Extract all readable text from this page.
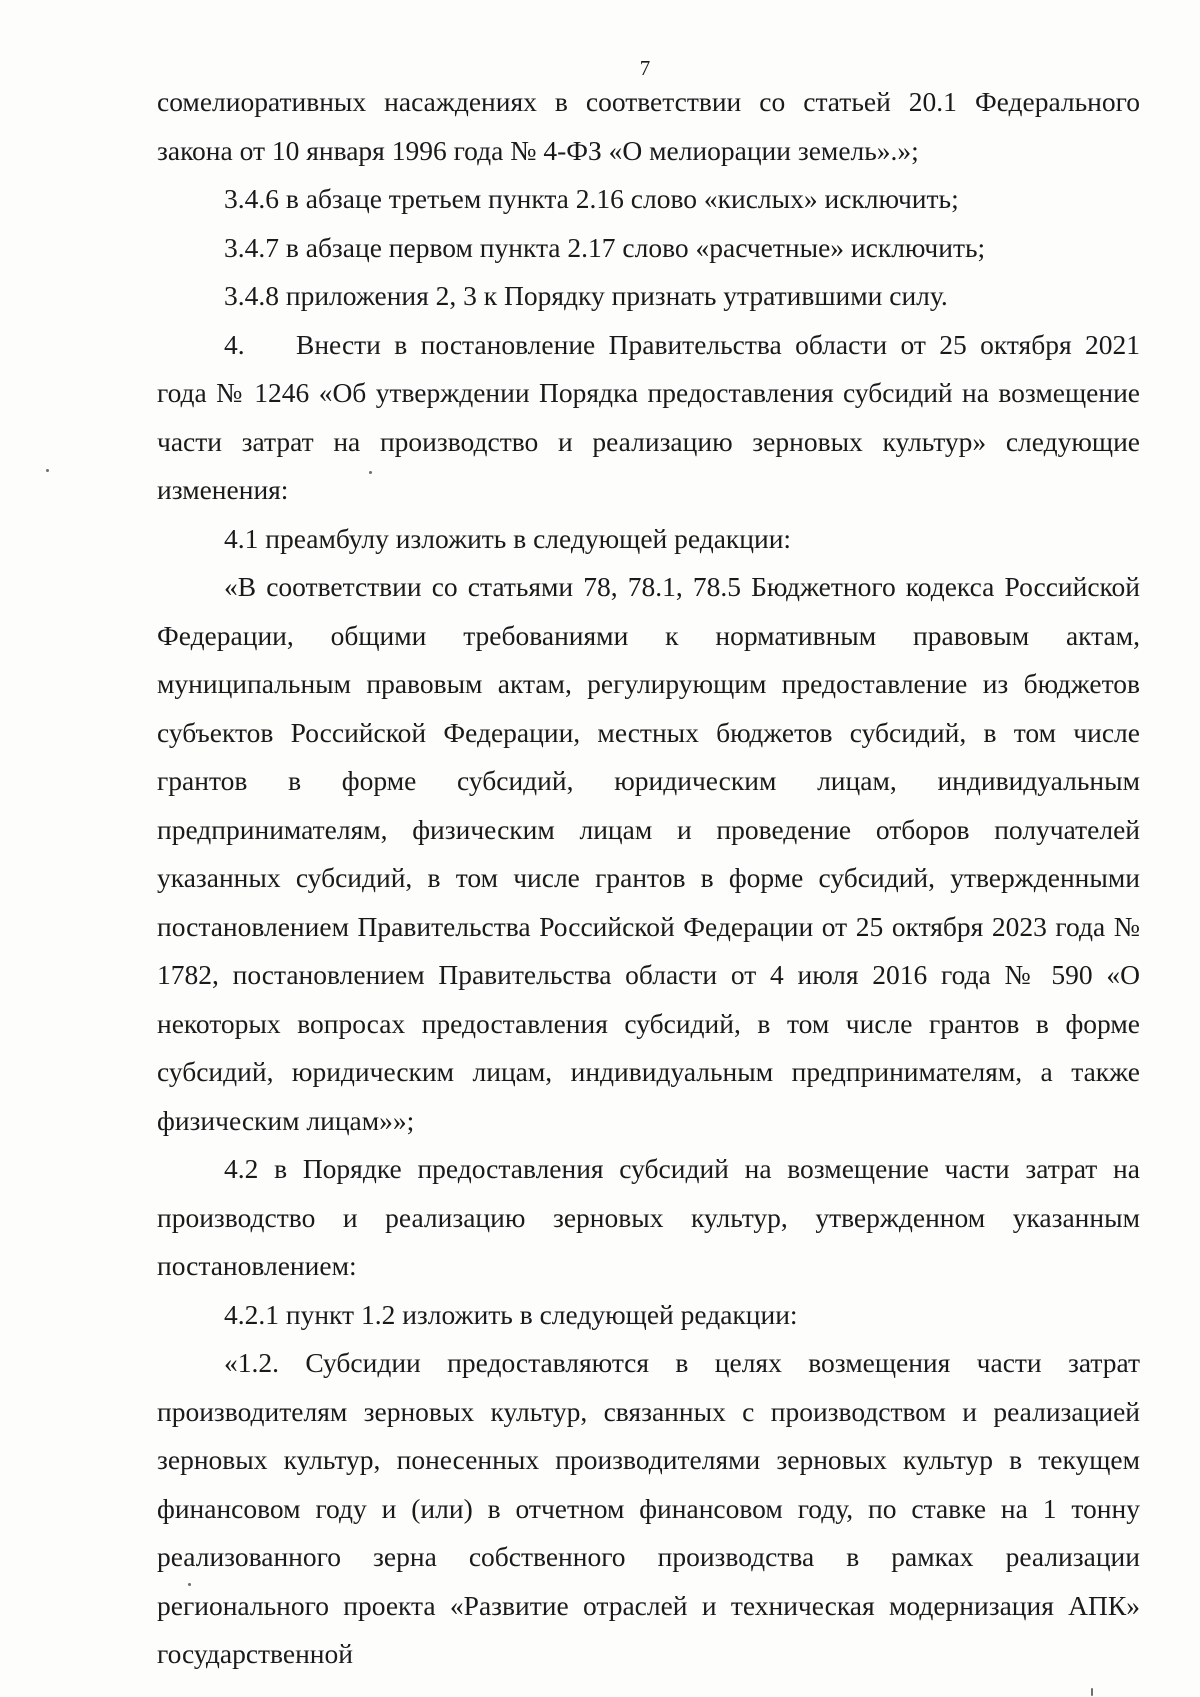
7

сомелиоративных насаждениях в соответствии со статьей 20.1 Федерального закона от 10 января 1996 года № 4-ФЗ «О мелиорации земель».»;

3.4.6 в абзаце третьем пункта 2.16 слово «кислых» исключить;

3.4.7 в абзаце первом пункта 2.17 слово «расчетные» исключить;

3.4.8 приложения 2, 3 к Порядку признать утратившими силу.

4. Внести в постановление Правительства области от 25 октября 2021 года № 1246 «Об утверждении Порядка предоставления субсидий на возмещение части затрат на производство и реализацию зерновых культур» следующие изменения:

4.1 преамбулу изложить в следующей редакции:

«В соответствии со статьями 78, 78.1, 78.5 Бюджетного кодекса Российской Федерации, общими требованиями к нормативным правовым актам, муниципальным правовым актам, регулирующим предоставление из бюджетов субъектов Российской Федерации, местных бюджетов субсидий, в том числе грантов в форме субсидий, юридическим лицам, индивидуальным предпринимателям, физическим лицам и проведение отборов получателей указанных субсидий, в том числе грантов в форме субсидий, утвержденными постановлением Правительства Российской Федерации от 25 октября 2023 года № 1782, постановлением Правительства области от 4 июля 2016 года № 590 «О некоторых вопросах предоставления субсидий, в том числе грантов в форме субсидий, юридическим лицам, индивидуальным предпринимателям, а также физическим лицам»»;

4.2 в Порядке предоставления субсидий на возмещение части затрат на производство и реализацию зерновых культур, утвержденном указанным постановлением:

4.2.1 пункт 1.2 изложить в следующей редакции:

«1.2. Субсидии предоставляются в целях возмещения части затрат производителям зерновых культур, связанных с производством и реализацией зерновых культур, понесенных производителями зерновых культур в текущем финансовом году и (или) в отчетном финансовом году, по ставке на 1 тонну реализованного зерна собственного производства в рамках реализации регионального проекта «Развитие отраслей и техническая модернизация АПК» государственной
